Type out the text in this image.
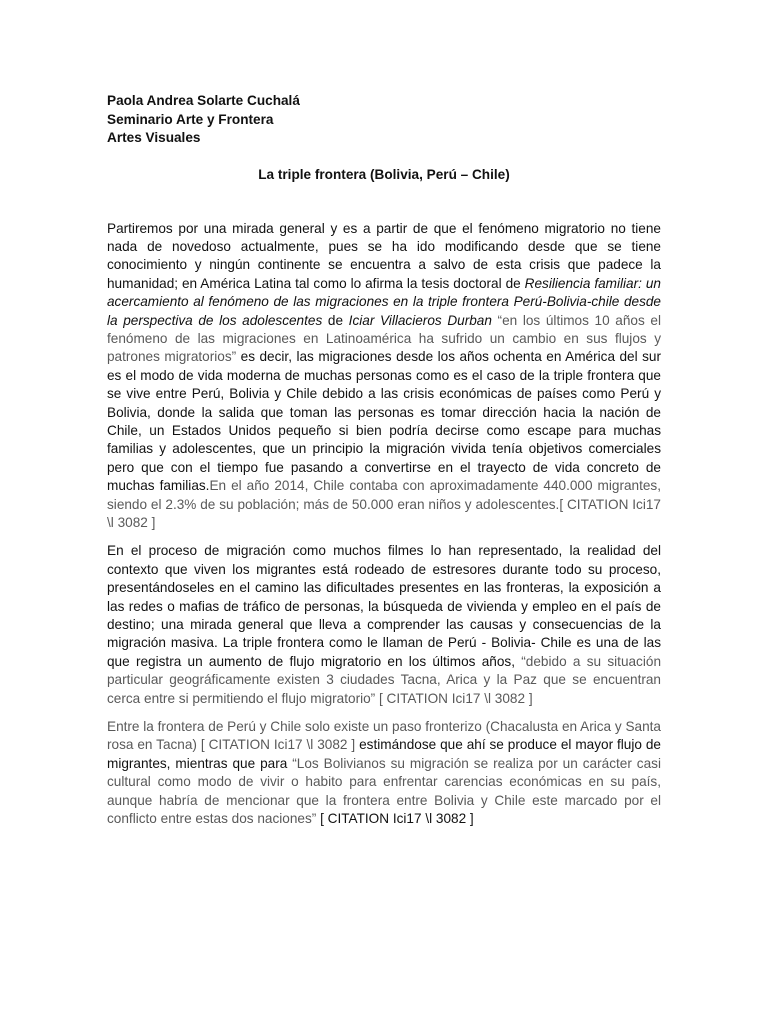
Paola Andrea Solarte Cuchalá

Seminario Arte y Frontera

Artes Visuales

La triple frontera (Bolivia, Perú – Chile)

Partiremos por una mirada general y es a partir de que el fenómeno migratorio no tiene nada de novedoso actualmente, pues se ha ido modificando desde que se tiene conocimiento y ningún continente se encuentra a salvo de esta crisis que padece la humanidad; en América Latina tal como lo afirma la tesis doctoral de Resiliencia familiar: un acercamiento al fenómeno de las migraciones en la triple frontera Perú-Bolivia-chile desde la perspectiva de los adolescentes de Iciar Villacieros Durban “en los últimos 10 años el fenómeno de las migraciones en Latinoamérica ha sufrido un cambio en sus flujos y patrones migratorios” es decir, las migraciones desde los años ochenta en América del sur es el modo de vida moderna de muchas personas como es el caso de la triple frontera que se vive entre Perú, Bolivia y Chile debido a las crisis económicas de países como Perú y Bolivia, donde la salida que toman las personas es tomar dirección hacia la nación de Chile, un Estados Unidos pequeño si bien podría decirse como escape para muchas familias y adolescentes, que un principio la migración vivida tenía objetivos comerciales pero que con el tiempo fue pasando a convertirse en el trayecto de vida concreto de muchas familias.En el año 2014, Chile contaba con aproximadamente 440.000 migrantes, siendo el 2.3% de su población; más de 50.000 eran niños y adolescentes.[ CITATION Ici17 \l 3082 ]

En el proceso de migración como muchos filmes lo han representado, la realidad del contexto que viven los migrantes está rodeado de estresores durante todo su proceso, presentándoseles en el camino las dificultades presentes en las fronteras, la exposición a las redes o mafias de tráfico de personas, la búsqueda de vivienda y empleo en el país de destino; una mirada general que lleva a comprender las causas y consecuencias de la migración masiva. La triple frontera como le llaman de Perú - Bolivia- Chile es una de las que registra un aumento de flujo migratorio en los últimos años, “debido a su situación particular geográficamente existen 3 ciudades Tacna, Arica y la Paz que se encuentran cerca entre si permitiendo el flujo migratorio” [ CITATION Ici17 \l 3082 ]

Entre la frontera de Perú y Chile solo existe un paso fronterizo (Chacalusta en Arica y Santa rosa en Tacna) [ CITATION Ici17 \l 3082 ] estimándose que ahí se produce el mayor flujo de migrantes, mientras que para “Los Bolivianos su migración se realiza por un carácter casi cultural como modo de vivir o habito para enfrentar carencias económicas en su país, aunque habría de mencionar que la frontera entre Bolivia y Chile este marcado por el conflicto entre estas dos naciones” [ CITATION Ici17 \l 3082 ]
